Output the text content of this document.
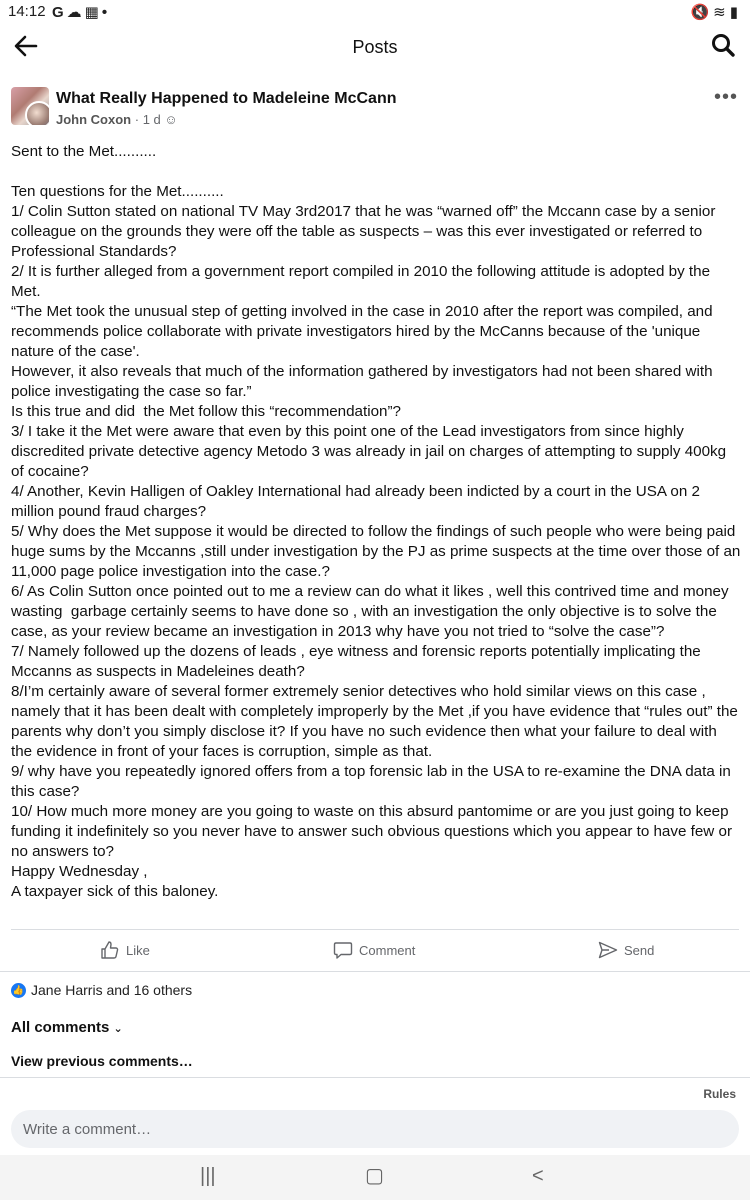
14:12 G☁▦•	🔇≋▮
Posts
What Really Happened to Madeleine McCann
John Coxon · 1 d ☺
•••

Sent to the Met..........

Ten questions for the Met..........

1/ Colin Sutton stated on national TV May 3rd2017 that he was “warned off” the Mccann case by a senior colleague on the grounds they were off the table as suspects – was this ever investigated or referred to Professional Standards?

2/ It is further alleged from a government report compiled in 2010 the following attitude is adopted by the Met.

“The Met took the unusual step of getting involved in the case in 2010 after the report was compiled, and recommends police collaborate with private investigators hired by the McCanns because of the 'unique nature of the case'.

However, it also reveals that much of the information gathered by investigators had not been shared with police investigating the case so far.”

Is this true and did  the Met follow this “recommendation”?

3/ I take it the Met were aware that even by this point one of the Lead investigators from since highly discredited private detective agency Metodo 3 was already in jail on charges of attempting to supply 400kg of cocaine?

4/ Another, Kevin Halligen of Oakley International had already been indicted by a court in the USA on 2 million pound fraud charges?

5/ Why does the Met suppose it would be directed to follow the findings of such people who were being paid huge sums by the Mccanns ,still under investigation by the PJ as prime suspects at the time over those of an 11,000 page police investigation into the case.?

6/ As Colin Sutton once pointed out to me a review can do what it likes , well this contrived time and money wasting  garbage certainly seems to have done so , with an investigation the only objective is to solve the case, as your review became an investigation in 2013 why have you not tried to “solve the case”?

7/ Namely followed up the dozens of leads , eye witness and forensic reports potentially implicating the Mccanns as suspects in Madeleines death?

8/I’m certainly aware of several former extremely senior detectives who hold similar views on this case , namely that it has been dealt with completely improperly by the Met ,if you have evidence that “rules out” the parents why don’t you simply disclose it? If you have no such evidence then what your failure to deal with the evidence in front of your faces is corruption, simple as that.

9/ why have you repeatedly ignored offers from a top forensic lab in the USA to re-examine the DNA data in this case?

10/ How much more money are you going to waste on this absurd pantomime or are you just going to keep funding it indefinitely so you never have to answer such obvious questions which you appear to have few or no answers to?

Happy Wednesday ,

A taxpayer sick of this baloney.

Like	Comment	Send
👍 Jane Harris and 16 others
All comments ⌄
View previous comments…
Rules
Write a comment…
|||	▢	<
